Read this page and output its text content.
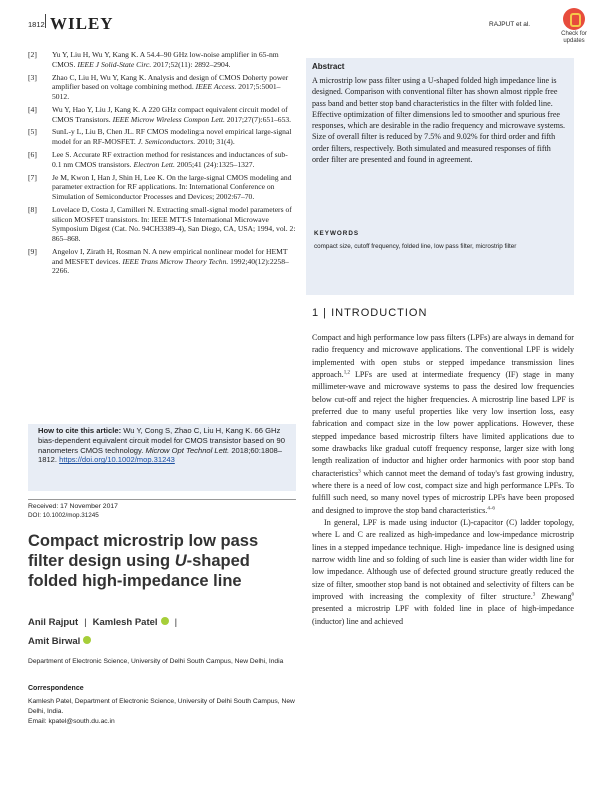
1812 WILEY	RAJPUT et al.
Check for
updates
[2]	Yu Y, Liu H, Wu Y, Kang K. A 54.4–90 GHz low-noise amplifier in 65-nm CMOS. IEEE J Solid-State Circ. 2017;52(11): 2892–2904.
[3]	Zhao C, Liu H, Wu Y, Kang K. Analysis and design of CMOS Doherty power amplifier based on voltage combining method. IEEE Access. 2017;5:5001–5012.
[4]	Wu Y, Hao Y, Liu J, Kang K. A 220 GHz compact equivalent circuit model of CMOS Transistors. IEEE Microw Wireless Compon Lett. 2017;27(7):651–653.
[5]	SunL-y L, Liu B, Chen JL. RF CMOS modeling:a novel empirical large-signal model for an RF-MOSFET. J. Semiconductors. 2010; 31(4).
[6]	Lee S. Accurate RF extraction method for resistances and inductances of sub-0.1 nm CMOS transistors. Electron Lett. 2005;41 (24):1325–1327.
[7]	Je M, Kwon I, Han J, Shin H, Lee K. On the large-signal CMOS modeling and parameter extraction for RF applications. In: International Conference on Simulation of Semiconductor Processes and Devices; 2002:67–70.
[8]	Lovelace D, Costa J, Camilleri N. Extracting small-signal model parameters of silicon MOSFET transistors. In: IEEE MTT-S International Microwave Symposium Digest (Cat. No. 94CH3389-4), San Diego, CA, USA; 1994, vol. 2: 865–868.
[9]	Angelov I, Zirath H, Rosman N. A new empirical nonlinear model for HEMT and MESFET devices. IEEE Trans Microw Theory Techn. 1992;40(12):2258–2266.
How to cite this article: Wu Y, Cong S, Zhao C, Liu H, Kang K. 66 GHz bias-dependent equivalent circuit model for CMOS transistor based on 90 nanometers CMOS technology. Microw Opt Technol Lett. 2018;60:1808–1812. https://doi.org/10.1002/mop.31243
Received: 17 November 2017
DOI: 10.1002/mop.31245
Compact microstrip low pass
filter design using U-shaped
folded high-impedance line
Anil Rajput | Kamlesh Patel |
Amit Birwal
Department of Electronic Science, University of Delhi South Campus, New Delhi, India
Correspondence
Kamlesh Patel, Department of Electronic Science, University of Delhi South Campus, New Delhi, India.
Email: kpatel@south.du.ac.in
Abstract
A microstrip low pass filter using a U-shaped folded high impedance line is designed. Comparison with conventional filter has shown almost ripple free pass band and better stop band characteristics in the filter with folded line. Effective optimization of filter dimensions led to smoother and spurious free responses, which are desirable in the radio frequency and microwave systems. Size of overall filter is reduced by 7.5% and 9.02% for third order and fifth order filters, respectively. Both simulated and measured responses of fifth order filter are presented and found in agreement.
KEYWORDS
compact size, cutoff frequency, folded line, low pass filter, microstrip filter
1 | INTRODUCTION

Compact and high performance low pass filters (LPFs) are always in demand for radio frequency and microwave applications. The conventional LPF is widely implemented with open stubs or stepped impedance transmission lines approach.$^{1,2}$ LPFs are used at intermediate frequency (IF) stage in many millimeter-wave and microwave systems to pass the desired low frequencies below cut-off and reject the higher frequencies. A microstrip line based LPF is preferred due to many useful properties like very low insertion loss, easy fabrication and compact size in the low power applications. However, these stepped impedance based microstrip filters have limited applications due to some drawbacks like gradual cutoff frequency response, larger size with long length realization of inductor and higher order harmonics with poor stop band characteristics$^3$ which cannot meet the demand of today's fast growing industry, where there is a need of low cost, compact size and high performance LPFs. To fulfill such need, so many novel types of microstrip LPFs have been proposed and designed to improve the stop band characteristics.$^{4-6}$

In general, LPF is made using inductor (L)-capacitor (C) ladder topology, where L and C are realized as high-impedance and low-impedance microstrip lines in a stepped impedance technique. High- impedance line is designed using narrow width line and so folding of such line is easier than wider width line for low impedance. Although use of defected ground structure greatly reduced the size of filter, smoother stop band is not obtained and selectivity of filters can be improved with increasing the complexity of filter structure.$^3$ Zhewang$^6$ presented a microstrip LPF with folded line in place of high-impedance (inductor) line and achieved
